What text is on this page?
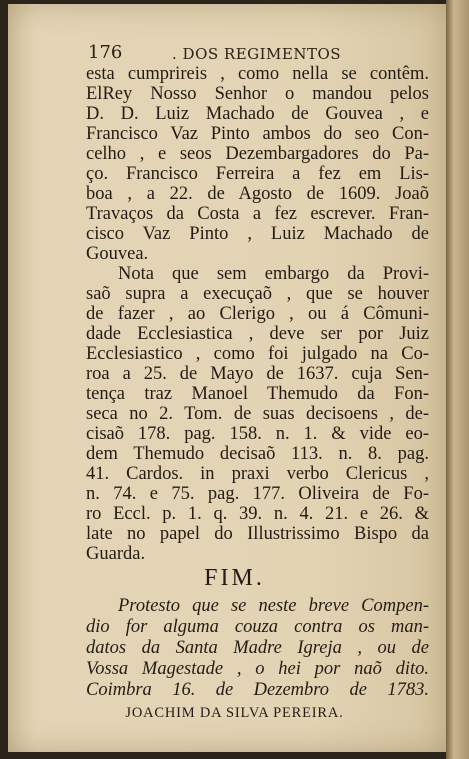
176	. DOS REGIMENTOS
esta cumprireis , como nella se contêm.
ElRey Nosso Senhor o mandou pelos
D. D. Luiz Machado de Gouvea , e
Francisco Vaz Pinto ambos do seo Con-
celho , e seos Dezembargadores do Pa-
ço. Francisco Ferreira a fez em Lis-
boa , a 22. de Agosto de 1609. Joaõ
Travaços da Costa a fez escrever. Fran-
cisco Vaz Pinto , Luiz Machado de
Gouvea.
Nota que sem embargo da Provi-
saõ supra a execuçaõ , que se houver
de fazer , ao Clerigo , ou á Cômuni-
dade Ecclesiastica , deve ser por Juiz
Ecclesiastico , como foi julgado na Co-
roa a 25. de Mayo de 1637. cuja Sen-
tença traz Manoel Themudo da Fon-
seca no 2. Tom. de suas decisoens , de-
cisaõ 178. pag. 158. n. 1. & vide eo-
dem Themudo decisaõ 113. n. 8. pag.
41. Cardos. in praxi verbo Clericus ,
n. 74. e 75. pag. 177. Oliveira de Fo-
ro Eccl. p. 1. q. 39. n. 4. 21. e 26. &
late no papel do Illustrissimo Bispo da
Guarda.
FIM.
Protesto que se neste breve Compen-
dio for alguma couza contra os man-
datos da Santa Madre Igreja , ou de
Vossa Magestade , o hei por naõ dito.
Coimbra 16. de Dezembro de 1783.
JOACHIM DA SILVA PEREIRA.
